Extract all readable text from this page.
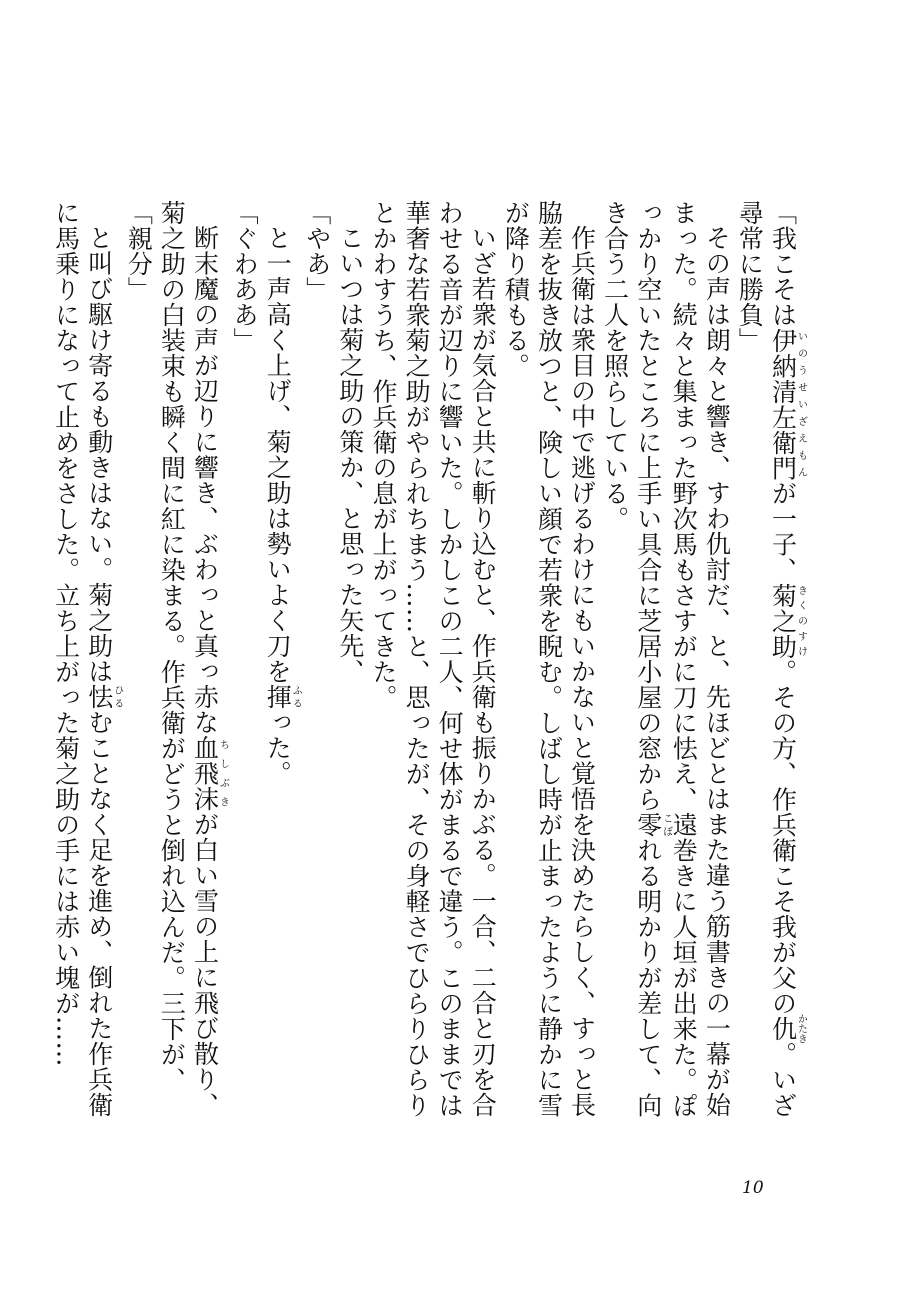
「我こそは伊納清左衛門いのうせいざえもんが一子、菊之助きくのすけ。その方、作兵衛こそ我が父の仇かたき。いざ尋常に勝負」

その声は朗々と響き、すわ仇討だ、と、先ほどとはまた違う筋書きの一幕が始まった。続々と集まった野次馬もさすがに刀に怯え、遠巻きに人垣が出来た。ぽっかり空いたところに上手い具合に芝居小屋の窓から零こぼれる明かりが差して、向き合う二人を照らしている。

作兵衛は衆目の中で逃げるわけにもいかないと覚悟を決めたらしく、すっと長脇差を抜き放つと、険しい顔で若衆を睨む。しばし時が止まったように静かに雪が降り積もる。

いざ若衆が気合と共に斬り込むと、作兵衛も振りかぶる。一合、二合と刃を合わせる音が辺りに響いた。しかしこの二人、何せ体がまるで違う。このままでは華奢な若衆菊之助がやられちまう……と、思ったが、その身軽さでひらりひらりとかわすうち、作兵衛の息が上がってきた。

こいつは菊之助の策か、と思った矢先、

「やあ」

と一声高く上げ、菊之助は勢いよく刀を揮ふるった。

「ぐわああ」

断末魔の声が辺りに響き、ぶわっと真っ赤な血飛沫ちしぶきが白い雪の上に飛び散り、菊之助の白装束も瞬く間に紅に染まる。作兵衛がどうと倒れ込んだ。三下が、

「親分」

と叫び駆け寄るも動きはない。菊之助は怯ひるむことなく足を進め、倒れた作兵衛に馬乗りになって止めをさした。立ち上がった菊之助の手には赤い塊が……

10
